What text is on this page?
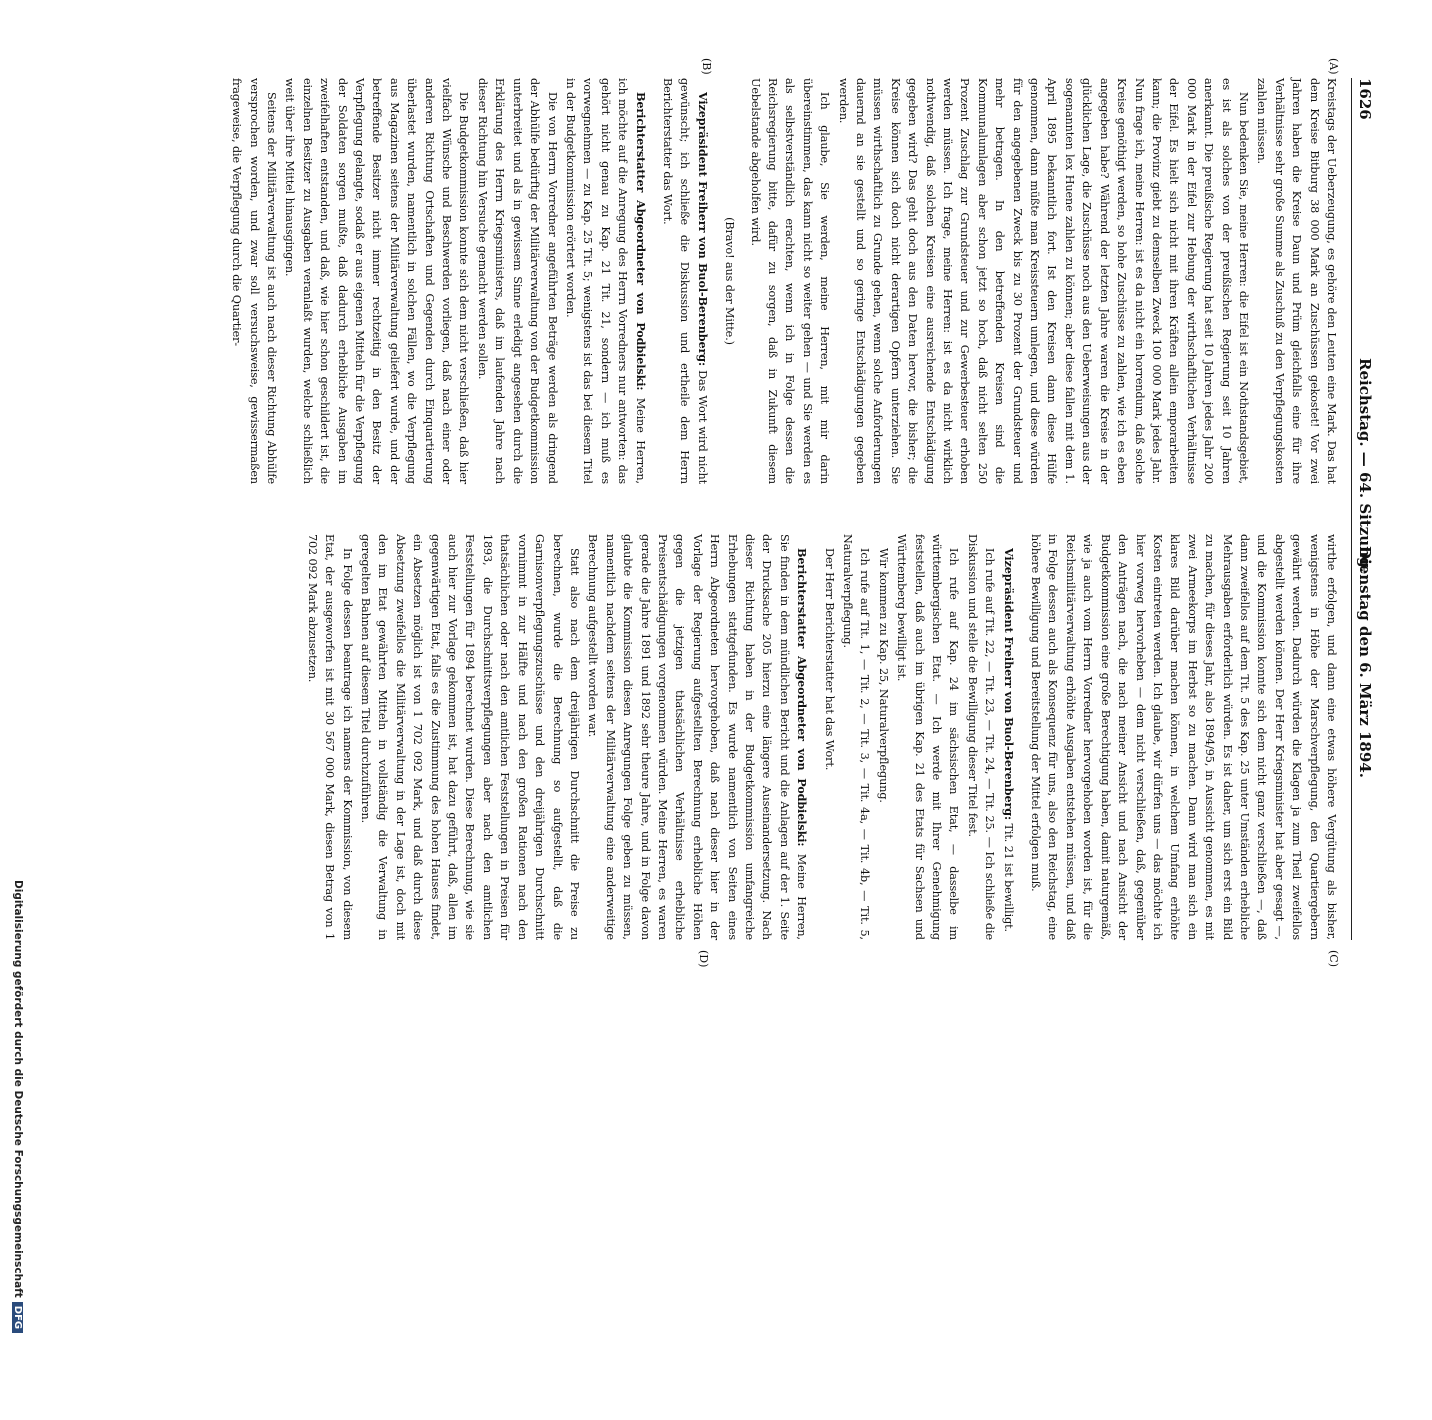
1626
Reichstag. — 64. Sitzung.
Dienstag den 6. März 1894.
(A)
(B)
(C)
(D)

Kreistags der Ueberzeugung, es gehöre den Leuten eine Mark. Das hat dem Kreise Bitburg 38 000 Mark an Zuschüssen gekostet! Vor zwei Jahren haben die Kreise Daun und Prüm gleichfalls eine für ihre Verhältnisse sehr große Summe als Zuschuß zu den Verpflegungskosten zahlen müssen.

Nun bedenken Sie, meine Herren: die Eifel ist ein Nothstandsgebiet, es ist als solches von der preußischen Regierung seit 10 Jahren anerkannt. Die preußische Regierung hat seit 10 Jahren jedes Jahr 200 000 Mark in der Eifel zur Hebung der wirthschaftlichen Verhältnisse der Eifel. Es hielt sich nicht mit ihren Kräften allein emporarbeiten kann; die Provinz giebt zu demselben Zweck 100 000 Mark jedes Jahr. Nun frage ich, meine Herren: ist es da nicht ein horrendum, daß solche Kreise genöthigt werden, so hohe Zuschüsse zu zahlen, wie ich es eben angegeben habe? Während der letzten Jahre waren die Kreise in der glücklichen Lage, die Zuschüsse noch aus den Ueberweisungen aus der sogenannten lex Huene zahlen zu können; aber diese fallen mit dem 1. April 1895 bekanntlich fort. Ist den Kreisen dann diese Hülfe genommen, dann müßte man Kreissteuern umlegen, und diese würden für den angegebenen Zweck bis zu 30 Prozent der Grundsteuer und mehr betragen. In den betreffenden Kreisen sind die Kommunalumlagen aber schon jetzt so hoch, daß nicht selten 250 Prozent Zuschlag zur Grundsteuer und zur Gewerbesteuer erhoben werden müssen. Ich frage, meine Herren: ist es da nicht wirklich nothwendig, daß solchen Kreisen eine ausreichende Entschädigung gegeben wird? Das geht doch aus den Daten hervor, die bisher; die Kreise können sich doch nicht derartigen Opfern unterziehen. Sie müssen wirthschaftlich zu Grunde gehen, wenn solche Anforderungen dauernd an sie gestellt und so geringe Entschädigungen gegeben werden.

Ich glaube, Sie werden, meine Herren, mit mir darin übereinstimmen, das kann nicht so weiter gehen — und Sie werden es als selbstverständlich erachten, wenn ich in Folge dessen die Reichsregierung bitte, dafür zu sorgen, daß in Zukunft diesem Uebelstande abgeholfen wird.

(Bravo! aus der Mitte.)

Vizepräsident Freiherr von Buol-Berenberg: Das Wort wird nicht gewünscht; ich schließe die Diskussion und ertheile dem Herrn Berichterstatter das Wort.

Berichterstatter Abgeordneter von Podbielski: Meine Herren, ich möchte auf die Anregung des Herrn Vorredners nur antworten: das gehört nicht genau zu Kap. 21 Tit. 21, sondern — ich muß es vorwegnehmen — zu Kap. 25 Tit. 5; wenigstens ist das bei diesem Titel in der Budgetkommission erörtert worden.

Die von Herrn Vorredner angeführten Beträge werden als dringend der Abhülfe bedürftig der Militärverwaltung von der Budgetkommission unterbreitet und als in gewissem Sinne erledigt angesehen durch die Erklärung des Herrn Kriegsministers, daß im laufenden Jahre nach dieser Richtung hin Versuche gemacht werden sollen.

Die Budgetkommission konnte sich dem nicht verschließen, daß hier vielfach Wünsche und Beschwerden vorliegen, daß nach einer oder anderen Richtung Ortschaften und Gegenden durch Einquartierung überlastet wurden, namentlich in solchen Fällen, wo die Verpflegung aus Magazinen seitens der Militärverwaltung geliefert wurde, und der betreffende Besitzer nicht immer rechtzeitig in den Besitz der Verpflegung gelangte, sodaß er aus eigenen Mitteln für die Verpflegung der Soldaten sorgen mußte, daß dadurch erhebliche Ausgaben im zweifelhaften entstanden, und daß, wie hier schon geschildert ist, die einzelnen Besitzer zu Ausgaben veranlaßt wurden, welche schließlich weit über ihre Mittel hinausgingen.

Seitens der Militärverwaltung ist auch nach dieser Richtung Abhülfe versprochen worden, und zwar soll versuchsweise, gewissermaßen frageweise, die Verpflegung durch die Quartier-

wirthe erfolgen, und dann eine etwas höhere Vergütung als bisher, wenigstens in Höhe der Marschverpflegung, den Quartiergebern gewährt werden. Dadurch würden die Klagen ja zum Theil zweifellos abgestellt werden können. Der Herr Kriegsminister hat aber gesagt —, und die Kommission konnte sich dem nicht ganz verschließen —, daß dann zweifellos auf dem Tit. 5 des Kap. 25 unter Umständen erhebliche Mehrausgaben erforderlich würden. Es ist daher, um sich erst ein Bild zu machen, für dieses Jahr, also 1894/95, in Aussicht genommen, es mit zwei Armeekorps im Herbst so zu machen. Dann wird man sich ein klares Bild darüber machen können, in welchem Umfang erhöhte Kosten eintreten werden. Ich glaube, wir dürfen uns — das möchte ich hier vorweg hervorheben — dem nicht verschließen, daß, gegenüber den Anträgen nach, die nach meiner Ansicht und nach Ansicht der Budgetkommission eine große Berechtigung haben, damit naturgemäß, wie ja auch vom Herrn Vorredner hervorgehoben worden ist, für die Reichsmilitärverwaltung erhöhte Ausgaben entstehen müssen, und daß in Folge dessen auch als Konsequenz für uns, also den Reichstag, eine höhere Bewilligung und Bereitstellung der Mittel erfolgen muß.

Vizepräsident Freiherr von Buol-Berenberg: Tit. 21 ist bewilligt.

Ich rufe auf Tit. 22, — Tit. 23, — Tit. 24, — Tit. 25. — Ich schließe die Diskussion und stelle die Bewilligung dieser Titel fest.

Ich rufe auf Kap. 24 im sächsischen Etat, — dasselbe im württembergischen Etat. — Ich werde mit Ihrer Genehmigung feststellen, daß auch im übrigen Kap. 21 des Etats für Sachsen und Württemberg bewilligt ist.

Wir kommen zu Kap. 25, Naturalverpflegung.

Ich rufe auf Tit. 1, — Tit. 2, — Tit. 3, — Tit. 4a, — Tit. 4b, — Tit. 5, Naturalverpflegung.

Der Herr Berichterstatter hat das Wort.

Berichterstatter Abgeordneter von Podbielski: Meine Herren, Sie finden in dem mündlichen Bericht und die Anlagen auf der 1. Seite der Drucksache 205 hierzu eine längere Auseinandersetzung. Nach dieser Richtung haben in der Budgetkommission umfangreiche Erhebungen stattgefunden. Es wurde namentlich von Seiten eines Herrn Abgeordneten hervorgehoben, daß nach dieser hier in der Vorlage der Regierung aufgestellten Berechnung erhebliche Höhen gegen die jetzigen thatsächlichen Verhältnisse erhebliche Preisentschädigungen vorgenommen würden. Meine Herren, es waren gerade die Jahre 1891 und 1892 sehr theure Jahre, und in Folge davon glaubte die Kommission diesen Anregungen Folge geben zu müssen, namentlich nachdem seitens der Militärverwaltung eine anderweitige Berechnung aufgestellt worden war.

Statt also nach dem dreijährigen Durchschnitt die Preise zu berechnen, wurde die Berechnung so aufgestellt, daß die Garnisonverpflegungszuschüsse und den dreijährigen Durchschnitt vornimmt in zur Hälfte und nach den großen Rationen nach den thatsächlichen oder nach den amtlichen Feststellungen in Preisen für 1893, die Durchschnittsverpflegungen aber nach den amtlichen Feststellungen für 1894 berechnet wurden. Diese Berechnung, wie sie auch hier zur Vorlage gekommen ist, hat dazu geführt, daß, allen im gegenwärtigen Etat, falls es die Zustimmung des hohen Hauses findet, ein Absetzen möglich ist von 1 702 092 Mark, und daß durch diese Absetzung zweifellos die Militärverwaltung in der Lage ist, doch mit den im Etat gewährten Mitteln in vollständig die Verwaltung in geregelten Bahnen auf diesem Titel durchzuführen.

In Folge dessen beantrage ich namens der Kommission, von diesem Etat, der ausgeworfen ist mit 30 567 000 Mark, diesen Betrag von 1 702 092 Mark abzusetzen.

Digitalisierung gefördert durch die Deutsche ForschungsgemeinschaftDFG
